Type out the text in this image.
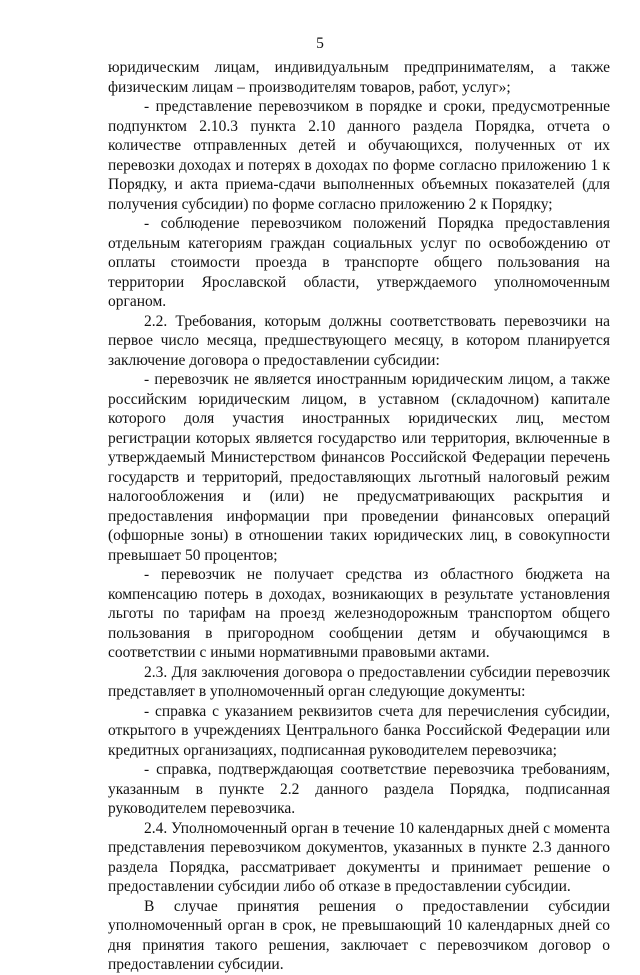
5

юридическим лицам, индивидуальным предпринимателям, а также физическим лицам – производителям товаров, работ, услуг»;

- представление перевозчиком в порядке и сроки, предусмотренные подпунктом 2.10.3 пункта 2.10 данного раздела Порядка, отчета о количестве отправленных детей и обучающихся, полученных от их перевозки доходах и потерях в доходах по форме согласно приложению 1 к Порядку, и акта приема-сдачи выполненных объемных показателей (для получения субсидии) по форме согласно приложению 2 к Порядку;

- соблюдение перевозчиком положений Порядка предоставления отдельным категориям граждан социальных услуг по освобождению от оплаты стоимости проезда в транспорте общего пользования на территории Ярославской области, утверждаемого уполномоченным органом.

2.2. Требования, которым должны соответствовать перевозчики на первое число месяца, предшествующего месяцу, в котором планируется заключение договора о предоставлении субсидии:

- перевозчик не является иностранным юридическим лицом, а также российским юридическим лицом, в уставном (складочном) капитале которого доля участия иностранных юридических лиц, местом регистрации которых является государство или территория, включенные в утверждаемый Министерством финансов Российской Федерации перечень государств и территорий, предоставляющих льготный налоговый режим налогообложения и (или) не предусматривающих раскрытия и предоставления информации при проведении финансовых операций (офшорные зоны) в отношении таких юридических лиц, в совокупности превышает 50 процентов;

- перевозчик не получает средства из областного бюджета на компенсацию потерь в доходах, возникающих в результате установления льготы по тарифам на проезд железнодорожным транспортом общего пользования в пригородном сообщении детям и обучающимся в соответствии с иными нормативными правовыми актами.

2.3. Для заключения договора о предоставлении субсидии перевозчик представляет в уполномоченный орган следующие документы:

- справка с указанием реквизитов счета для перечисления субсидии, открытого в учреждениях Центрального банка Российской Федерации или кредитных организациях, подписанная руководителем перевозчика;

- справка, подтверждающая соответствие перевозчика требованиям, указанным в пункте 2.2 данного раздела Порядка, подписанная руководителем перевозчика.

2.4. Уполномоченный орган в течение 10 календарных дней с момента представления перевозчиком документов, указанных в пункте 2.3 данного раздела Порядка, рассматривает документы и принимает решение о предоставлении субсидии либо об отказе в предоставлении субсидии.

В случае принятия решения о предоставлении субсидии уполномоченный орган в срок, не превышающий 10 календарных дней со дня принятия такого решения, заключает с перевозчиком договор о предоставлении субсидии.
